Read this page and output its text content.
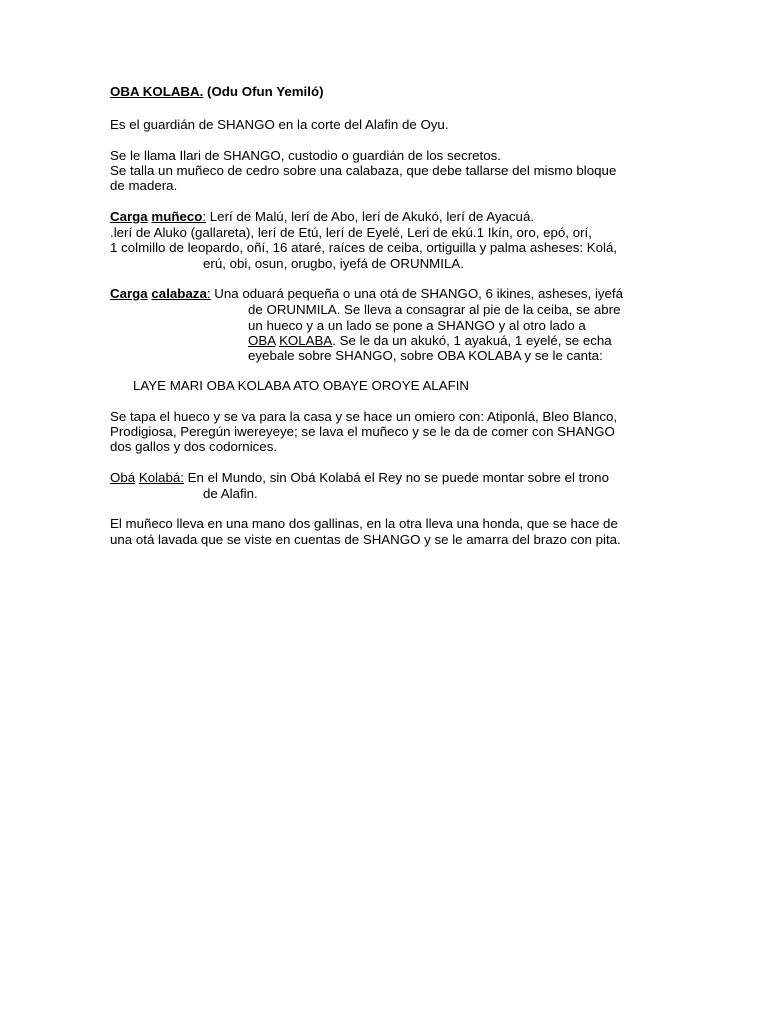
OBA KOLABA. (Odu Ofun Yemiló)
Es el guardián de SHANGO en la corte del Alafin de Oyu.
Se le llama Ilari de SHANGO, custodio o guardián de los secretos.
Se talla un muñeco de cedro sobre una calabaza, que debe tallarse del mismo bloque
de madera.
Carga muñeco: Lerí de Malú, lerí de Abo, lerí de Akukó, lerí de Ayacuá.
.lerí de Aluko (gallareta), lerí de Etú, lerí de Eyelé, Leri de ekú.1 Ikín, oro, epó, orí,
1 colmillo de leopardo, oñí, 16 ataré, raíces de ceiba, ortiguilla y palma asheses: Kolá,
erú, obi, osun, orugbo, iyefá de ORUNMILA.
Carga calabaza: Una oduará pequeña o una otá de SHANGO, 6 ikines, asheses, iyefá
de ORUNMILA. Se lleva a consagrar al pie de la ceiba, se abre
un hueco y a un lado se pone a SHANGO y al otro lado a
OBA KOLABA. Se le da un akukó, 1 ayakuá, 1 eyelé, se echa
eyebale sobre SHANGO, sobre OBA KOLABA y se le canta:
LAYE MARI OBA KOLABA ATO OBAYE OROYE ALAFIN
Se tapa el hueco y se va para la casa y se hace un omiero con: Atiponlá, Bleo Blanco,
Prodigiosa, Peregún iwereyeye; se lava el muñeco y se le da de comer con SHANGO
dos gallos y dos codornices.
Obá Kolabá: En el Mundo, sin Obá Kolabá el Rey no se puede montar sobre el trono
de Alafin.
El muñeco lleva en una mano dos gallinas, en la otra lleva una honda, que se hace de
una otá lavada que se viste en cuentas de SHANGO y se le amarra del brazo con pita.
